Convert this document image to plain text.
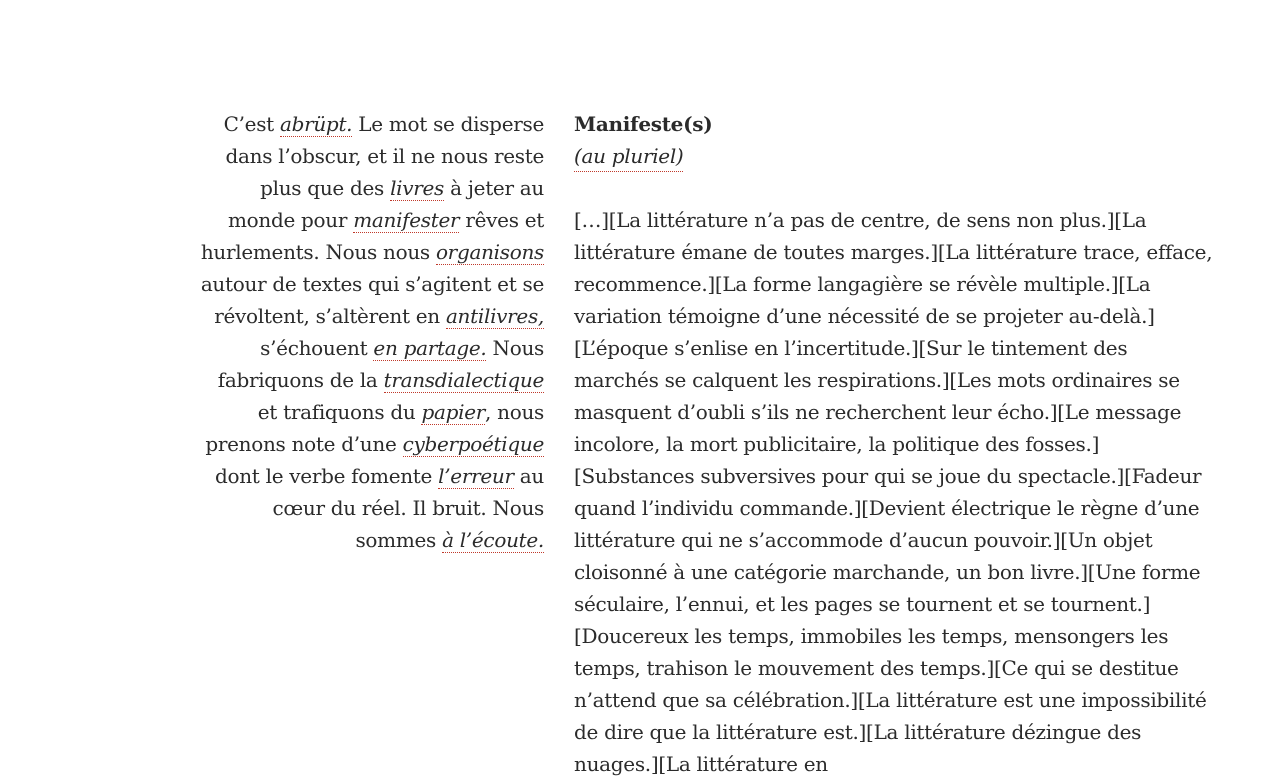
C’est abrüpt. Le mot se disperse dans l’obscur, et il ne nous reste plus que des livres à jeter au monde pour manifester rêves et hurlements. Nous nous organisons autour de textes qui s’agitent et se révoltent, s’altèrent en antilivres, s’échouent en partage. Nous fabriquons de la transdialectique et trafiquons du papier, nous prenons note d’une cyberpoétique dont le verbe fomente l’erreur au cœur du réel. Il bruit. Nous sommes à l’écoute.
Manifeste(s)
(au pluriel)

[…][La littérature n’a pas de centre, de sens non plus.][La littérature émane de toutes marges.][La littérature trace, efface, recommence.][La forme langagière se révèle multiple.][La variation témoigne d’une nécessité de se projeter au-delà.][L’époque s’enlise en l’incertitude.][Sur le tintement des marchés se calquent les respirations.][Les mots ordinaires se masquent d’oubli s’ils ne recherchent leur écho.][Le message incolore, la mort publicitaire, la politique des fosses.][Substances subversives pour qui se joue du spectacle.][Fadeur quand l’individu commande.][Devient électrique le règne d’une littérature qui ne s’accommode d’aucun pouvoir.][Un objet cloisonné à une catégorie marchande, un bon livre.][Une forme séculaire, l’ennui, et les pages se tournent et se tournent.][Doucereux les temps, immobiles les temps, mensongers les temps, trahison le mouvement des temps.][Ce qui se destitue n’attend que sa célébration.][La littérature est une impossibilité de dire que la littérature est.][La littérature dézingue des nuages.][La littérature en
